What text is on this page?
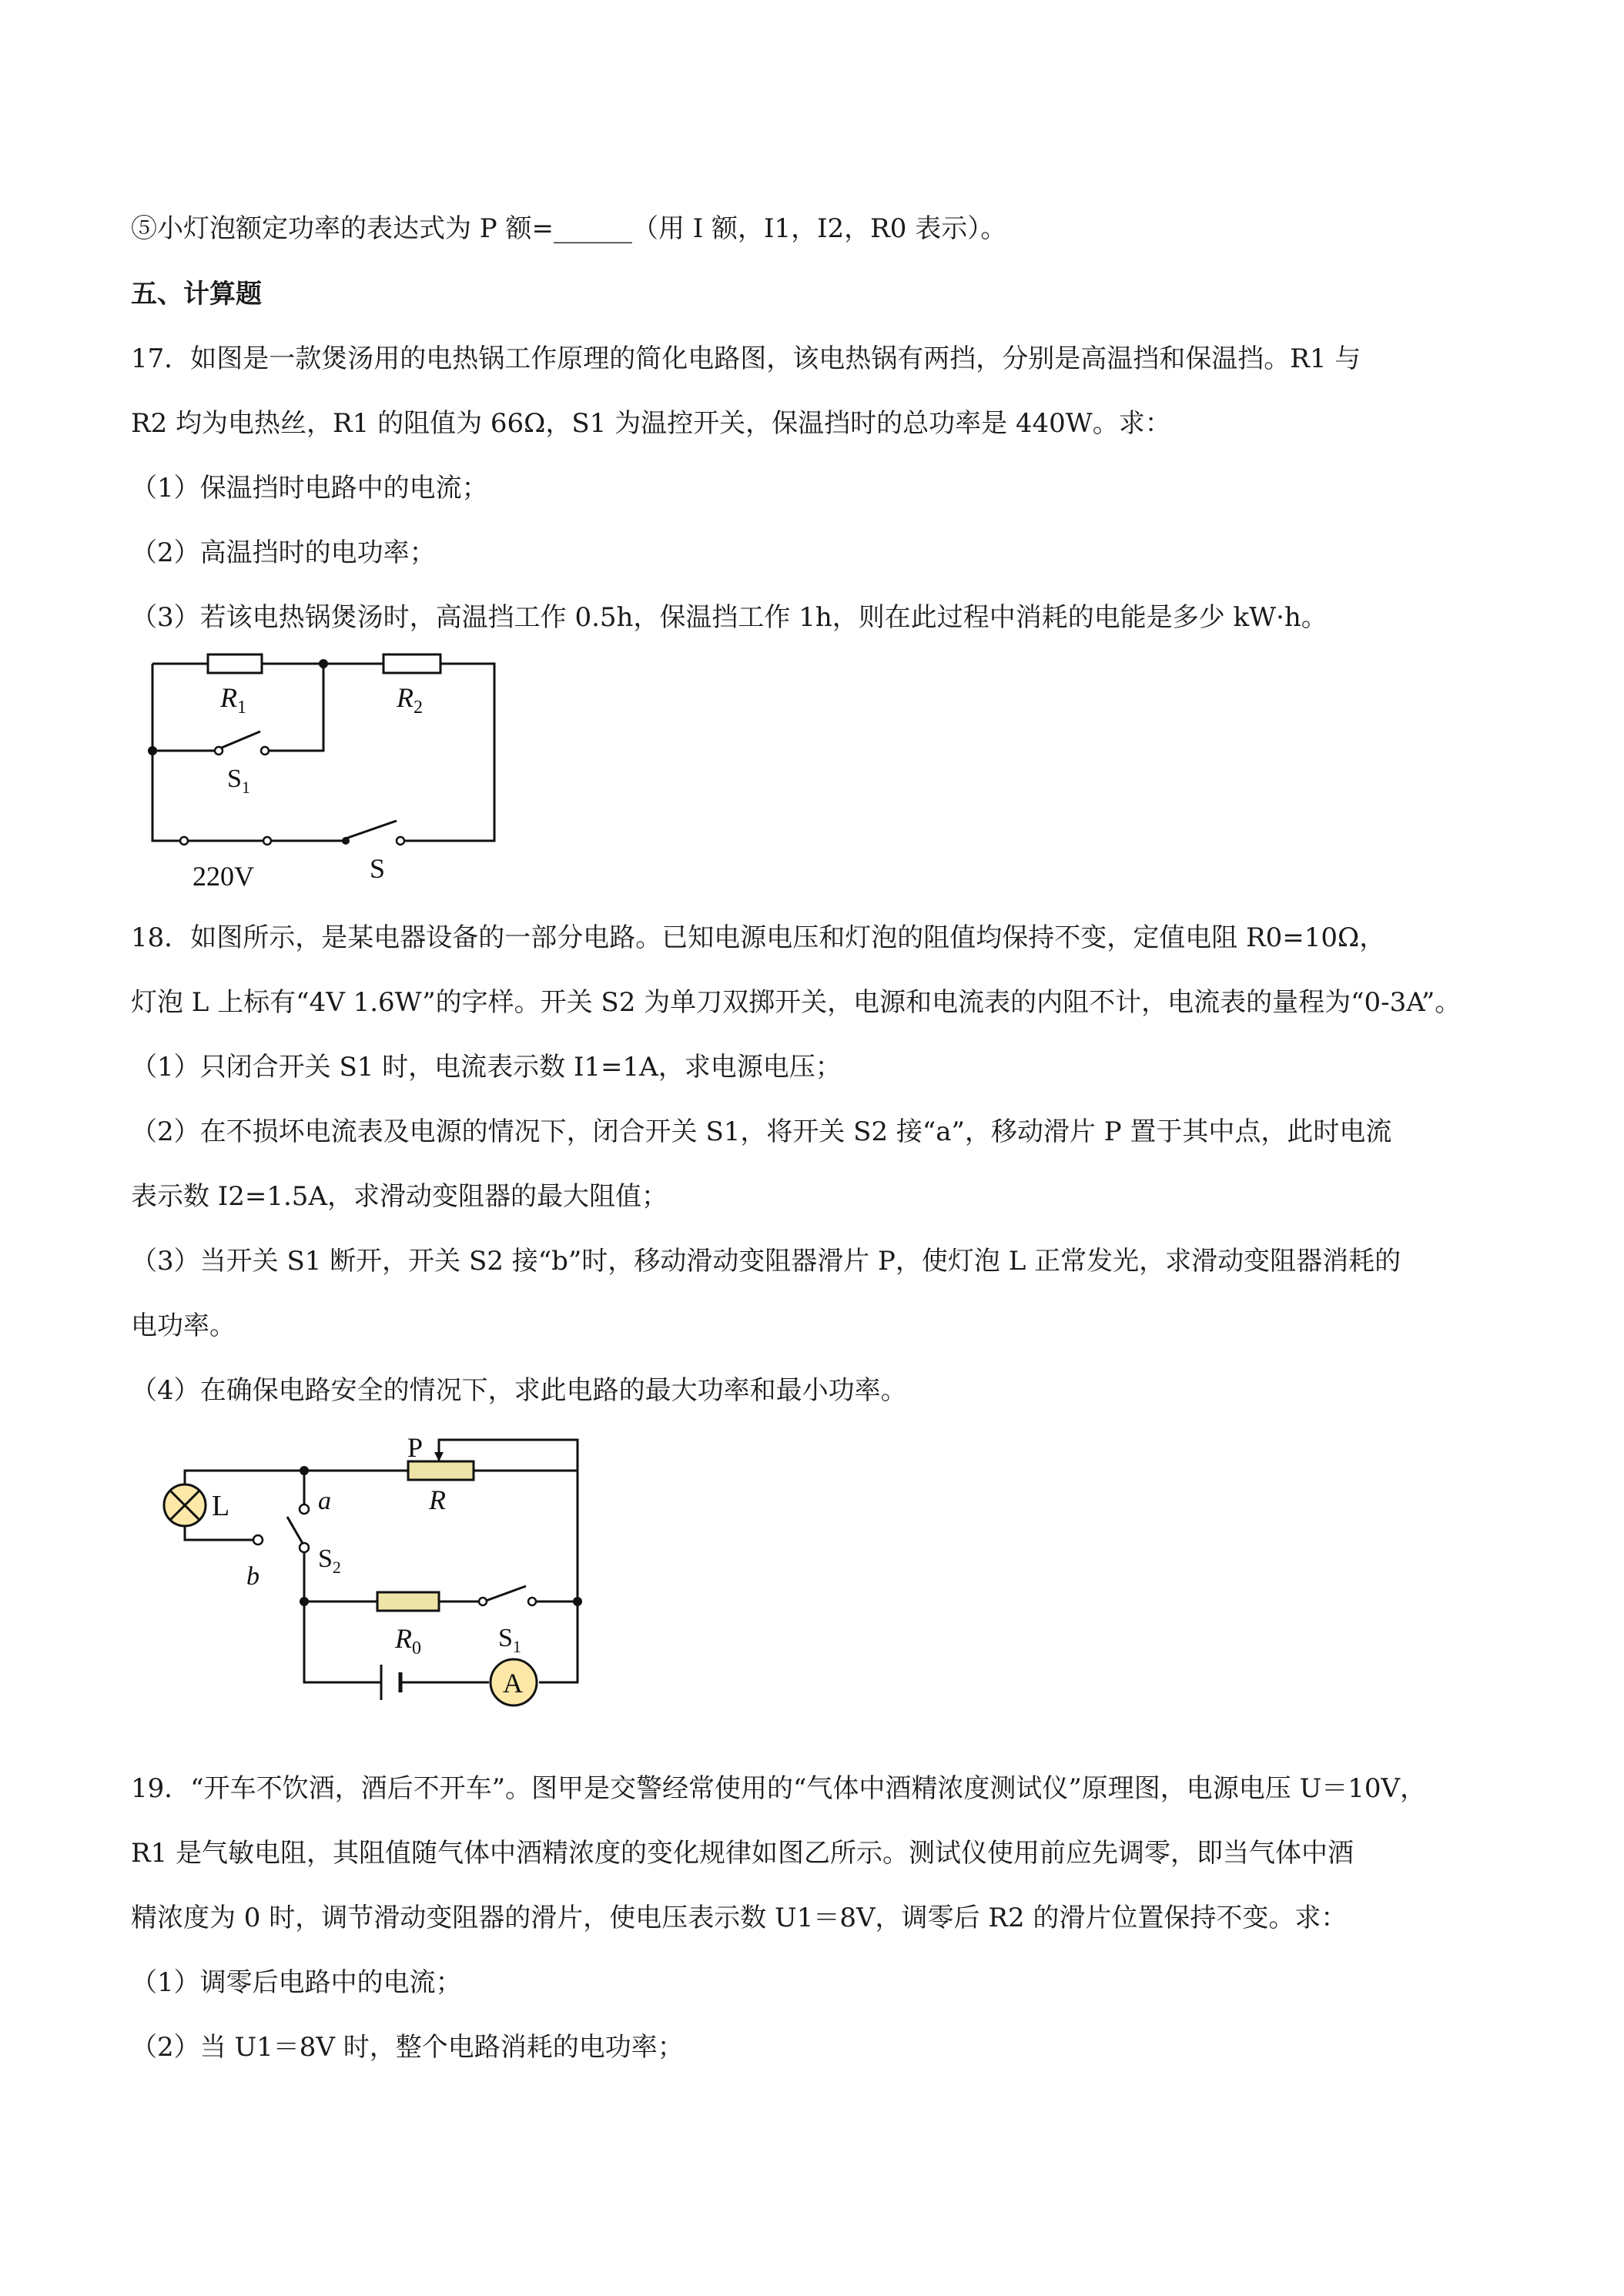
⑤小灯泡额定功率的表达式为 P 额=______（用 I 额，I1，I2，R0 表示）。
五、计算题
17．如图是一款煲汤用的电热锅工作原理的简化电路图，该电热锅有两挡，分别是高温挡和保温挡。R1 与
R2 均为电热丝，R1 的阻值为 66Ω，S1 为温控开关，保温挡时的总功率是 440W。求：
（1）保温挡时电路中的电流；
（2）高温挡时的电功率；
（3）若该电热锅煲汤时，高温挡工作 0.5h，保温挡工作 1h，则在此过程中消耗的电能是多少 kW·h。
$R_1$	$R_2$
$S_1$
220V	S
18．如图所示，是某电器设备的一部分电路。已知电源电压和灯泡的阻值均保持不变，定值电阻 R0=10Ω，
灯泡 L 上标有“4V 1.6W”的字样。开关 S2 为单刀双掷开关，电源和电流表的内阻不计，电流表的量程为“0-3A”。
（1）只闭合开关 S1 时，电流表示数 I1=1A，求电源电压；
（2）在不损坏电流表及电源的情况下，闭合开关 S1，将开关 S2 接“a”，移动滑片 P 置于其中点，此时电流
表示数 I2=1.5A，求滑动变阻器的最大阻值；
（3）当开关 S1 断开，开关 S2 接“b”时，移动滑动变阻器滑片 P，使灯泡 L 正常发光，求滑动变阻器消耗的
电功率。
（4）在确保电路安全的情况下，求此电路的最大功率和最小功率。
A
P
R
L	a
$S_2$
b
$R_0$	$S_1$
19．“开车不饮酒，酒后不开车”。图甲是交警经常使用的“气体中酒精浓度测试仪”原理图，电源电压 U＝10V，
R1 是气敏电阻，其阻值随气体中酒精浓度的变化规律如图乙所示。测试仪使用前应先调零，即当气体中酒
精浓度为 0 时，调节滑动变阻器的滑片，使电压表示数 U1＝8V，调零后 R2 的滑片位置保持不变。求：
（1）调零后电路中的电流；
（2）当 U1＝8V 时，整个电路消耗的电功率；
